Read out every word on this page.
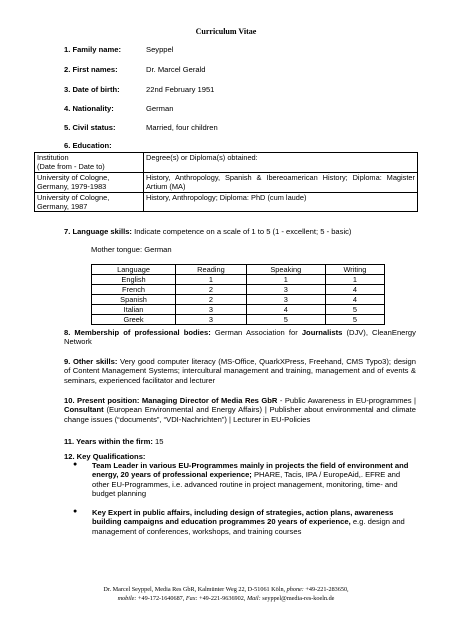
Curriculum Vitae
1. Family name:	Seyppel
2. First names:	Dr. Marcel Gerald
3. Date of birth:	22nd February 1951
4. Nationality:	German
5. Civil status:	Married, four children
6. Education:
Institution
(Date from - Date to)	Degree(s) or Diploma(s) obtained:
University of Cologne,
Germany, 1979-1983	History, Anthropology, Spanish & Ibereoamerican History; Diploma: Magister Artium (MA)
University of Cologne,
Germany, 1987	History, Anthropology; Diploma: PhD (cum laude)
7. Language skills: Indicate competence on a scale of 1 to 5 (1 - excellent; 5 - basic)
Mother tongue: German
Language	Reading	Speaking	Writing
English	1	1	1
French	2	3	4
Spanish	2	3	4
Italian	3	4	5
Greek	3	5	5
8. Membership of professional bodies: German Association for Journalists (DJV), CleanEnergy Network
9. Other skills: Very good computer literacy (MS-Office, QuarkXPress, Freehand, CMS Typo3); design of Content Management Systems; intercultural management and training, management and of events & seminars, experienced facilitator and lecturer
10. Present position: Managing Director of Media Res GbR - Public Awareness in EU-programmes | Consultant (European Environmental and Energy Affairs) | Publisher about environmental and climate change issues (“documents”, “VDI-Nachrichten”) | Lecturer in EU-Policies
11. Years within the firm: 15
12. Key Qualifications:
● Team Leader in various EU-Programmes mainly in projects the field of environment and energy, 20 years of professional experience; PHARE, Tacis, IPA / EuropeAid,. EFRE and other EU-Programmes, i.e. advanced routine in project management, monitoring, time- and budget planning
● Key Expert in public affairs, including design of strategies, action plans, awareness building campaigns and education programmes 20 years of experience, e.g. design and management of conferences, workshops, and training courses
Dr. Marcel Seyppel, Media Res GbR, Kalmünter Weg 22, D-51061 Köln, phone: +49-221-283650,
mobile: +49-172-1640687, Fax: +49-221-9636902, Mail: seyppel@media-res-koeln.de
